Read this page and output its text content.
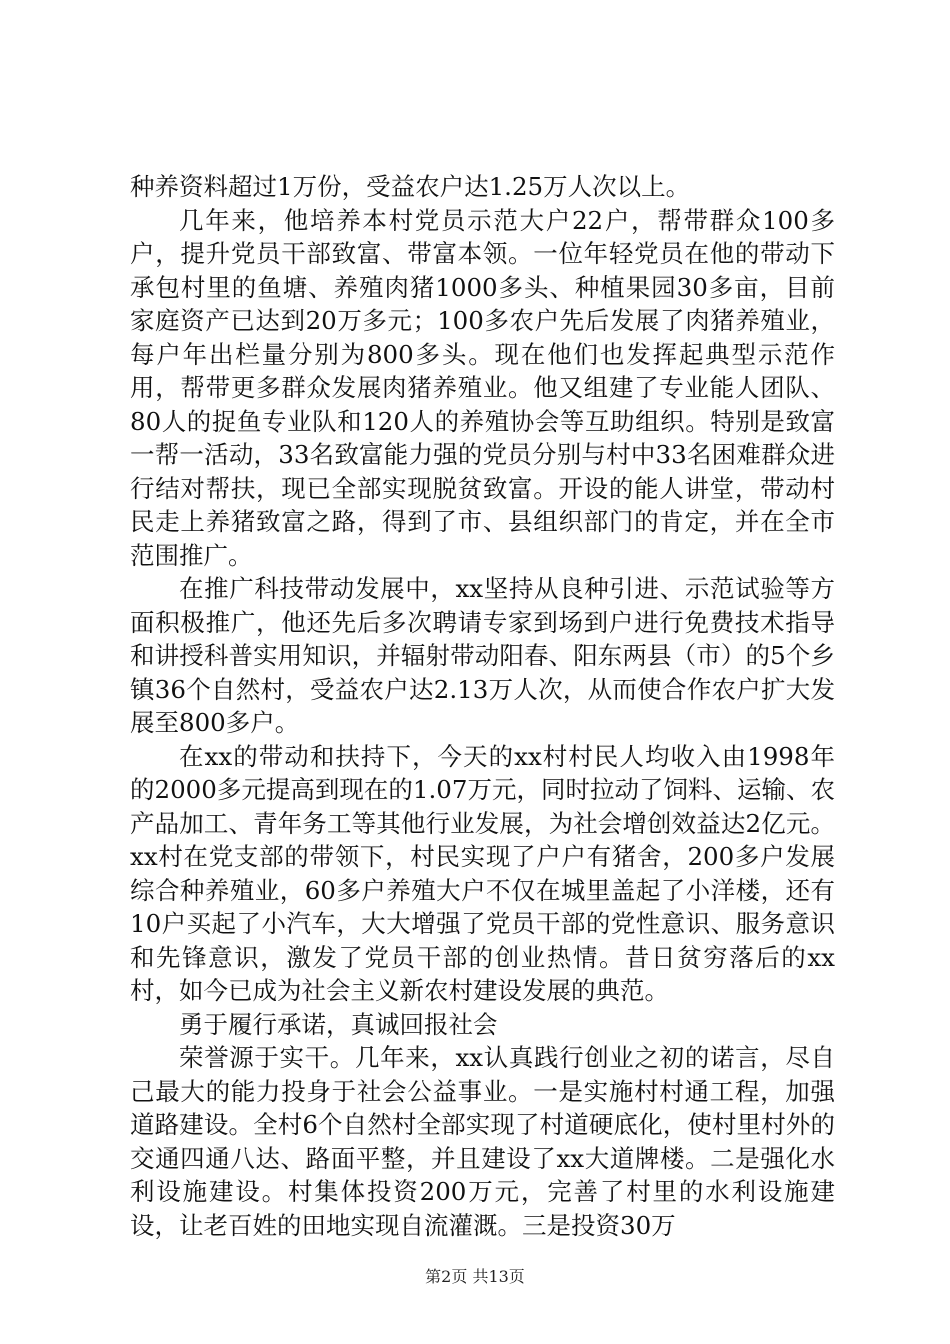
种养资料超过1万份，受益农户达1.25万人次以上。

几年来，他培养本村党员示范大户22户，帮带群众100多户，提升党员干部致富、带富本领。一位年轻党员在他的带动下承包村里的鱼塘、养殖肉猪1000多头、种植果园30多亩，目前家庭资产已达到20万多元；100多农户先后发展了肉猪养殖业，每户年出栏量分别为800多头。现在他们也发挥起典型示范作用，帮带更多群众发展肉猪养殖业。他又组建了专业能人团队、80人的捉鱼专业队和120人的养殖协会等互助组织。特别是致富一帮一活动，33名致富能力强的党员分别与村中33名困难群众进行结对帮扶，现已全部实现脱贫致富。开设的能人讲堂，带动村民走上养猪致富之路，得到了市、县组织部门的肯定，并在全市范围推广。

在推广科技带动发展中，xx坚持从良种引进、示范试验等方面积极推广，他还先后多次聘请专家到场到户进行免费技术指导和讲授科普实用知识，并辐射带动阳春、阳东两县（市）的5个乡镇36个自然村，受益农户达2.13万人次，从而使合作农户扩大发展至800多户。

在xx的带动和扶持下，今天的xx村村民人均收入由1998年的2000多元提高到现在的1.07万元，同时拉动了饲料、运输、农产品加工、青年务工等其他行业发展，为社会增创效益达2亿元。xx村在党支部的带领下，村民实现了户户有猪舍，200多户发展综合种养殖业，60多户养殖大户不仅在城里盖起了小洋楼，还有10户买起了小汽车，大大增强了党员干部的党性意识、服务意识和先锋意识，激发了党员干部的创业热情。昔日贫穷落后的xx村，如今已成为社会主义新农村建设发展的典范。

勇于履行承诺，真诚回报社会

荣誉源于实干。几年来，xx认真践行创业之初的诺言，尽自己最大的能力投身于社会公益事业。一是实施村村通工程，加强道路建设。全村6个自然村全部实现了村道硬底化，使村里村外的交通四通八达、路面平整，并且建设了xx大道牌楼。二是强化水利设施建设。村集体投资200万元，完善了村里的水利设施建设，让老百姓的田地实现自流灌溉。三是投资30万

第2页 共13页
